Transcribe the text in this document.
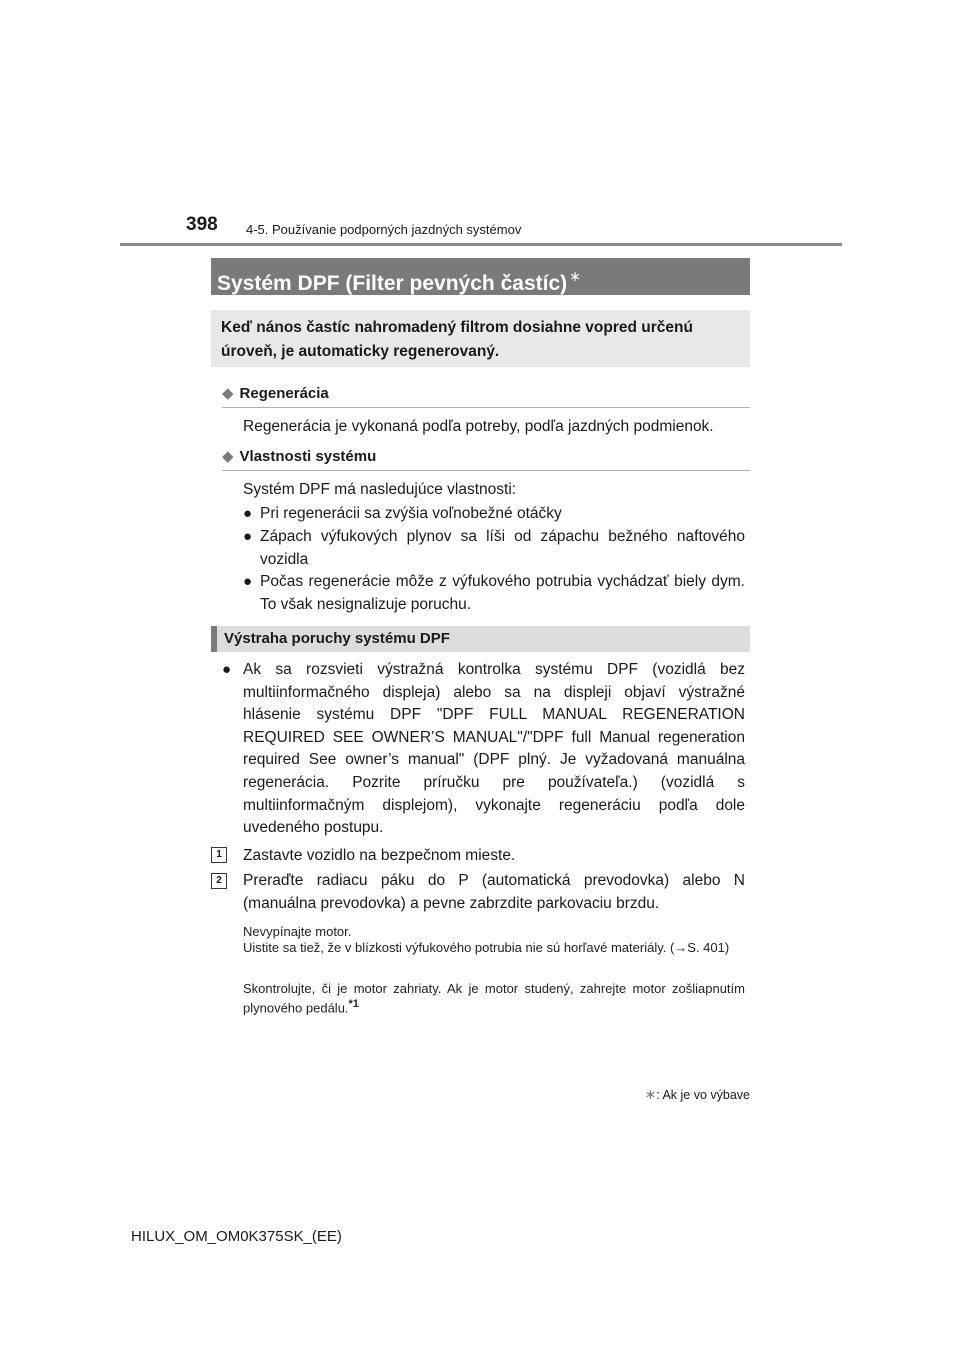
398 4-5. Používanie podporných jazdných systémov
Systém DPF (Filter pevných častíc) ∗
Keď nános častíc nahromadený filtrom dosiahne vopred určenú úroveň, je automaticky regenerovaný.
◆ Regenerácia
Regenerácia je vykonaná podľa potreby, podľa jazdných podmienok.
◆ Vlastnosti systému
Systém DPF má nasledujúce vlastnosti:
● Pri regenerácii sa zvýšia voľnobežné otáčky
● Zápach výfukových plynov sa líši od zápachu bežného naftového vozidla
● Počas regenerácie môže z výfukového potrubia vychádzať biely dym. To však nesignalizuje poruchu.
Výstraha poruchy systému DPF
● Ak sa rozsvieti výstražná kontrolka systému DPF (vozidlá bez multiinformačného displeja) alebo sa na displeji objaví výstražné hlásenie systému DPF "DPF FULL MANUAL REGENERATION REQUIRED SEE OWNER’S MANUAL"/"DPF full Manual regeneration required See owner’s manual" (DPF plný. Je vyžadovaná manuálna regenerácia. Pozrite príručku pre používateľa.) (vozidlá s multiinformačným displejom), vykonajte regeneráciu podľa dole uvedeného postupu.
1	Zastavte vozidlo na bezpečnom mieste.
2	Preraďte radiacu páku do P (automatická prevodovka) alebo N (manuálna prevodovka) a pevne zabrzdite parkovaciu brzdu.
Nevypínajte motor.
Uistite sa tiež, že v blízkosti výfukového potrubia nie sú horľavé materiály. (→S. 401)
Skontrolujte, či je motor zahriaty. Ak je motor studený, zahrejte motor zošliapnutím plynového pedálu.$^{*1}$
∗: Ak je vo výbave
HILUX_OM_OM0K375SK_(EE)
